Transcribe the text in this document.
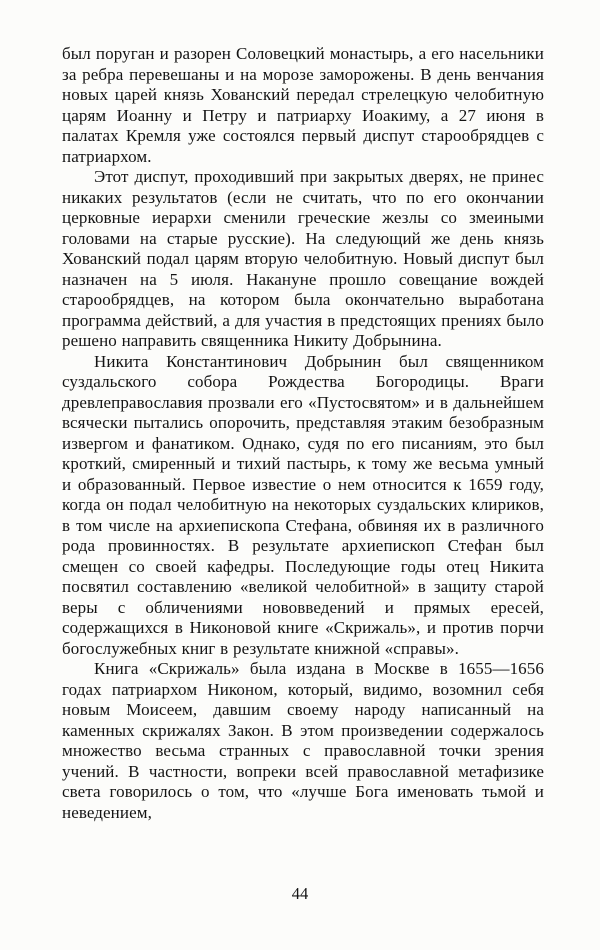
был поруган и разорен Соловецкий монастырь, а его насельники за ребра перевешаны и на морозе заморожены. В день венчания новых царей князь Хованский передал стрелецкую челобитную царям Иоанну и Петру и патриарху Иоакиму, а 27 июня в палатах Кремля уже состоялся первый диспут старообрядцев с патриархом.

Этот диспут, проходивший при закрытых дверях, не принес никаких результатов (если не считать, что по его окончании церковные иерархи сменили греческие жезлы со змеиными головами на старые русские). На следующий же день князь Хованский подал царям вторую челобитную. Новый диспут был назначен на 5 июля. Накануне прошло совещание вождей старообрядцев, на котором была окончательно выработана программа действий, а для участия в предстоящих прениях было решено направить священника Никиту Добрынина.

Никита Константинович Добрынин был священником суздальского собора Рождества Богородицы. Враги древлеправославия прозвали его «Пустосвятом» и в дальнейшем всячески пытались опорочить, представляя этаким безобразным извергом и фанатиком. Однако, судя по его писаниям, это был кроткий, смиренный и тихий пастырь, к тому же весьма умный и образованный. Первое известие о нем относится к 1659 году, когда он подал челобитную на некоторых суздальских клириков, в том числе на архиепископа Стефана, обвиняя их в различного рода провинностях. В результате архиепископ Стефан был смещен со своей кафедры. Последующие годы отец Никита посвятил составлению «великой челобитной» в защиту старой веры с обличениями нововведений и прямых ересей, содержащихся в Никоновой книге «Скрижаль», и против порчи богослужебных книг в результате книжной «справы».

Книга «Скрижаль» была издана в Москве в 1655—1656 годах патриархом Никоном, который, видимо, возомнил себя новым Моисеем, давшим своему народу написанный на каменных скрижалях Закон. В этом произведении содержалось множество весьма странных с православной точки зрения учений. В частности, вопреки всей православной метафизике света говорилось о том, что «лучше Бога именовать тьмой и неведением,

44
